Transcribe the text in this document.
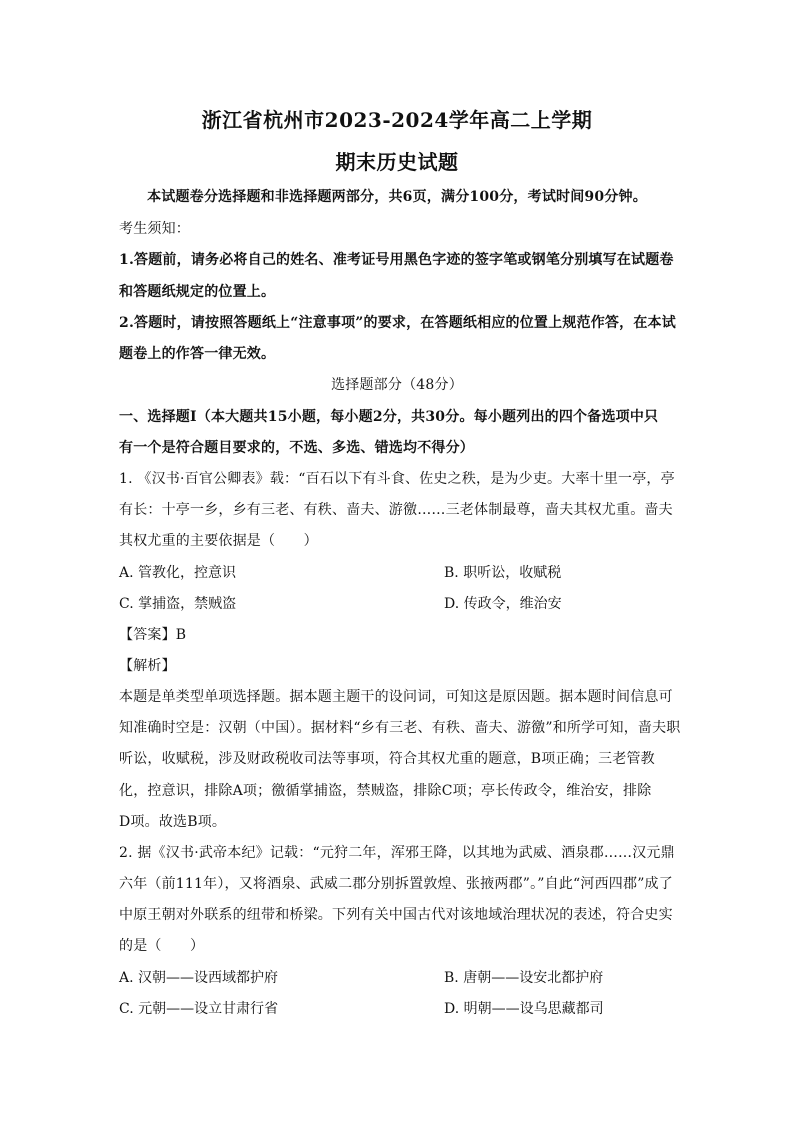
浙江省杭州市2023-2024学年高二上学期
期末历史试题
本试题卷分选择题和非选择题两部分，共6页，满分100分，考试时间90分钟。
考生须知：
1.答题前，请务必将自己的姓名、准考证号用黑色字迹的签字笔或钢笔分别填写在试题卷
和答题纸规定的位置上。
2.答题时，请按照答题纸上“注意事项”的要求，在答题纸相应的位置上规范作答，在本试
题卷上的作答一律无效。
选择题部分（48分）
一、选择题Ⅰ（本大题共15小题，每小题2分，共30分。每小题列出的四个备选项中只
有一个是符合题目要求的，不选、多选、错选均不得分）
1. 《汉书·百官公卿表》载：“百石以下有斗食、佐史之秩，是为少吏。大率十里一亭，亭
有长：十亭一乡，乡有三老、有秩、啬夫、游徼……三老体制最尊，啬夫其权尤重。啬夫
其权尤重的主要依据是（　　）
A. 管教化，控意识	B. 职听讼，收赋税
C. 掌捕盗，禁贼盗	D. 传政令，维治安
【答案】B
【解析】
本题是单类型单项选择题。据本题主题干的设问词，可知这是原因题。据本题时间信息可
知准确时空是：汉朝（中国）。据材料“乡有三老、有秩、啬夫、游徼”和所学可知，啬夫职
听讼，收赋税，涉及财政税收司法等事项，符合其权尤重的题意，B项正确；三老管教
化，控意识，排除A项；徼循掌捕盗，禁贼盗，排除C项；亭长传政令，维治安，排除
D项。故选B项。
2. 据《汉书·武帝本纪》记载：“元狩二年，浑邪王降，以其地为武威、酒泉郡……汉元鼎
六年（前111年），又将酒泉、武威二郡分别拆置敦煌、张掖两郡”。”自此“河西四郡”成了
中原王朝对外联系的纽带和桥梁。下列有关中国古代对该地域治理状况的表述，符合史实
的是（　　）
A. 汉朝——设西域都护府	B. 唐朝——设安北都护府
C. 元朝——设立甘肃行省	D. 明朝——设乌思藏都司
